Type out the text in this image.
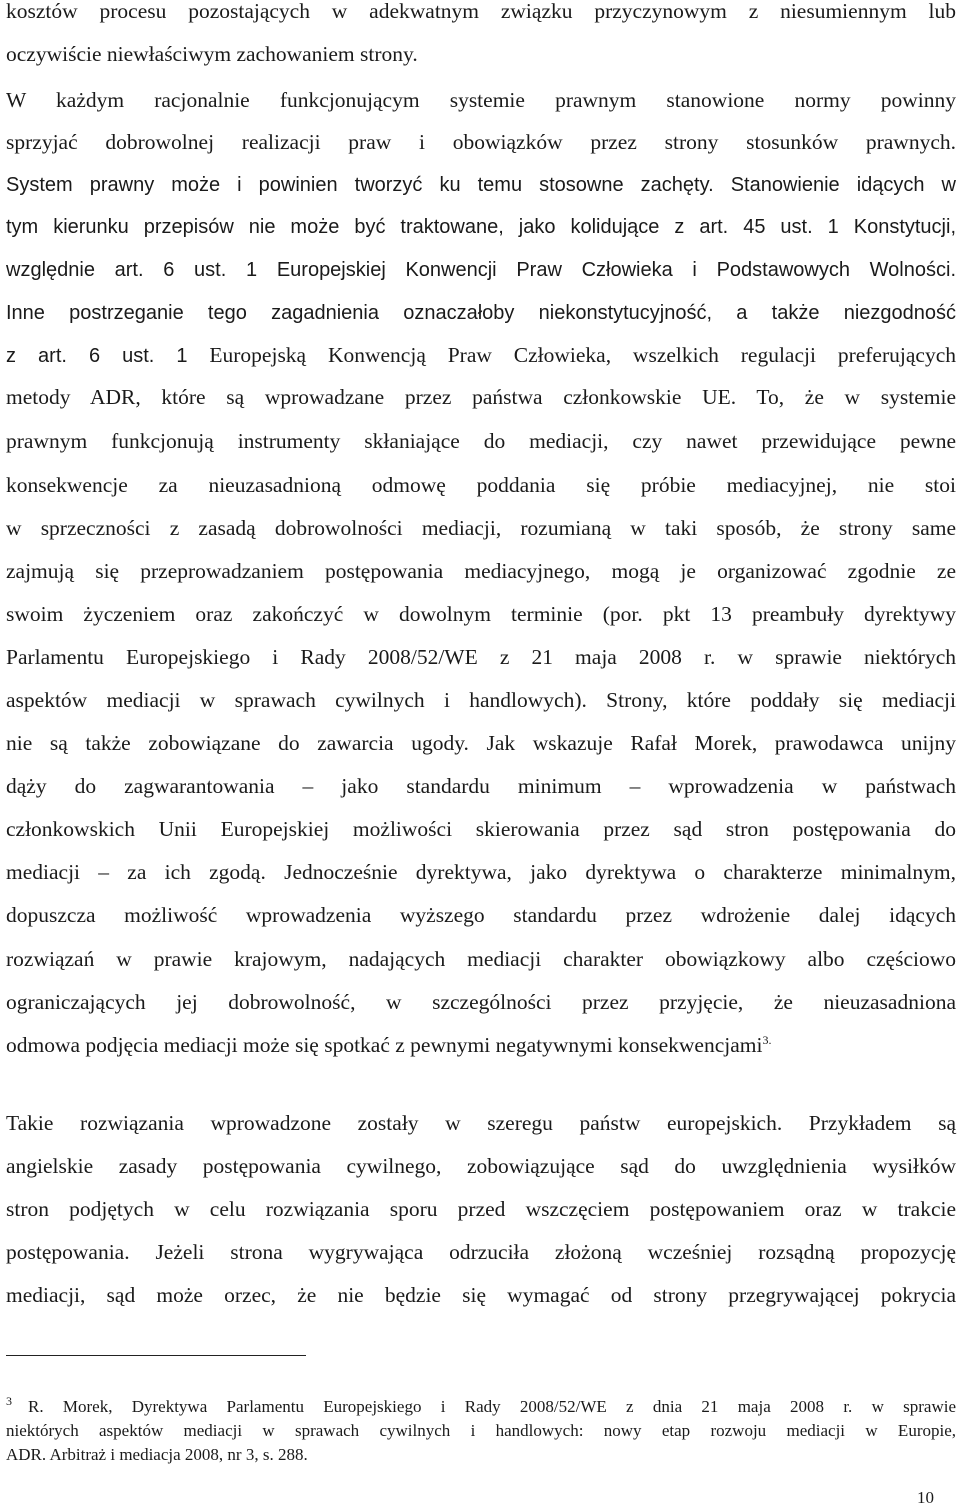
kosztów procesu pozostających w adekwatnym związku przyczynowym z niesumiennym lub
oczywiście niewłaściwym zachowaniem strony.
W każdym racjonalnie funkcjonującym systemie prawnym stanowione normy powinny
sprzyjać dobrowolnej realizacji praw i obowiązków przez strony stosunków prawnych.
System prawny może i powinien tworzyć ku temu stosowne zachęty. Stanowienie idących w
tym kierunku przepisów nie może być traktowane, jako kolidujące z art. 45 ust. 1 Konstytucji,
względnie art. 6 ust. 1 Europejskiej Konwencji Praw Człowieka i Podstawowych Wolności.
Inne postrzeganie tego zagadnienia oznaczałoby niekonstytucyjność, a także niezgodność
z art. 6 ust. 1 Europejską Konwencją Praw Człowieka, wszelkich regulacji preferujących
metody ADR, które są wprowadzane przez państwa członkowskie UE. To, że w systemie
prawnym funkcjonują instrumenty skłaniające do mediacji, czy nawet przewidujące pewne
konsekwencje za nieuzasadnioną odmowę poddania się próbie mediacyjnej, nie stoi
w sprzeczności z zasadą dobrowolności mediacji, rozumianą w taki sposób, że strony same
zajmują się przeprowadzaniem postępowania mediacyjnego, mogą je organizować zgodnie ze
swoim życzeniem oraz zakończyć w dowolnym terminie (por. pkt 13 preambuły dyrektywy
Parlamentu Europejskiego i Rady 2008/52/WE z 21 maja 2008 r. w sprawie niektórych
aspektów mediacji w sprawach cywilnych i handlowych). Strony, które poddały się mediacji
nie są także zobowiązane do zawarcia ugody. Jak wskazuje Rafał Morek, prawodawca unijny
dąży do zagwarantowania – jako standardu minimum – wprowadzenia w państwach
członkowskich Unii Europejskiej możliwości skierowania przez sąd stron postępowania do
mediacji – za ich zgodą. Jednocześnie dyrektywa, jako dyrektywa o charakterze minimalnym,
dopuszcza możliwość wprowadzenia wyższego standardu przez wdrożenie dalej idących
rozwiązań w prawie krajowym, nadających mediacji charakter obowiązkowy albo częściowo
ograniczających jej dobrowolność, w szczególności przez przyjęcie, że nieuzasadniona
odmowa podjęcia mediacji może się spotkać z pewnymi negatywnymi konsekwencjami$^{3.}$
Takie rozwiązania wprowadzone zostały w szeregu państw europejskich. Przykładem są
angielskie zasady postępowania cywilnego, zobowiązujące sąd do uwzględnienia wysiłków
stron podjętych w celu rozwiązania sporu przed wszczęciem postępowaniem oraz w trakcie
postępowania. Jeżeli strona wygrywająca odrzuciła złożoną wcześniej rozsądną propozycję
mediacji, sąd może orzec, że nie będzie się wymagać od strony przegrywającej pokrycia
$^3$ R. Morek, Dyrektywa Parlamentu Europejskiego i Rady 2008/52/WE z dnia 21 maja 2008 r. w sprawie
niektórych aspektów mediacji w sprawach cywilnych i handlowych: nowy etap rozwoju mediacji w Europie,
ADR. Arbitraż i mediacja 2008, nr 3, s. 288.
10
